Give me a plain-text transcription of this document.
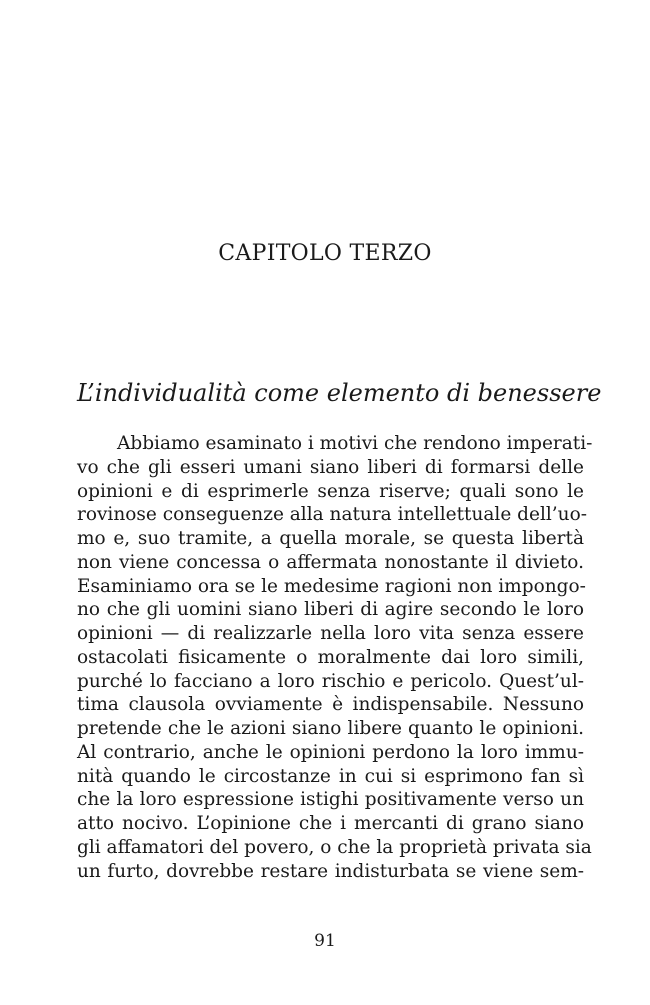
CAPITOLO TERZO
L’individualità come elemento di benessere
Abbiamo esaminato i motivi che rendono imperati-
vo che gli esseri umani siano liberi di formarsi delle
opinioni e di esprimerle senza riserve; quali sono le
rovinose conseguenze alla natura intellettuale dell’uo-
mo e, suo tramite, a quella morale, se questa libertà
non viene concessa o affermata nonostante il divieto.
Esaminiamo ora se le medesime ragioni non impongo-
no che gli uomini siano liberi di agire secondo le loro
opinioni — di realizzarle nella loro vita senza essere
ostacolati fisicamente o moralmente dai loro simili,
purché lo facciano a loro rischio e pericolo. Quest’ul-
tima clausola ovviamente è indispensabile. Nessuno
pretende che le azioni siano libere quanto le opinioni.
Al contrario, anche le opinioni perdono la loro immu-
nità quando le circostanze in cui si esprimono fan sì
che la loro espressione istighi positivamente verso un
atto nocivo. L’opinione che i mercanti di grano siano
gli affamatori del povero, o che la proprietà privata sia
un furto, dovrebbe restare indisturbata se viene sem-
91
